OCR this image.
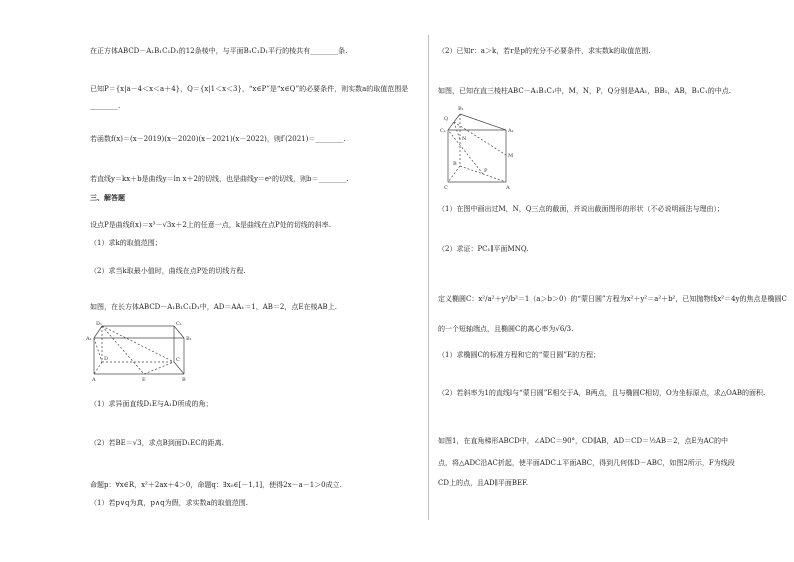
在正方体ABCD－A₁B₁C₁D₁的12条棱中，与平面B₁C₁D₁平行的棱共有________条.
已知P＝{x|a－4＜x＜a＋4}，Q＝{x|1＜x＜3}，“x∈P”是“x∈Q”的必要条件，则实数a的取值范围是
________.
若函数f(x)＝(x－2019)(x－2020)(x－2021)(x－2022)，则f′(2021)＝________.
若直线y＝kx＋b是曲线y＝ln x＋2的切线，也是曲线y＝eˣ的切线，则b＝________.
三、解答题
设点P是曲线f(x)＝x³－√3x＋2上的任意一点，k是曲线在点P处的切线的斜率.
（1）求k的取值范围；
（2）求当k取最小值时，曲线在点P处的切线方程.
如图，在长方体ABCD－A₁B₁C₁D₁中，AD＝AA₁＝1，AB＝2，点E在棱AB上.
D₁	C₁
A₁	B₁
D	C
A	E	B
（1）求异面直线D₁E与A₁D所成的角；
（2）若BE＝√3，求点B到面D₁EC的距离.
命题p：∀x∈R，x²＋2ax＋4＞0，命题q：∃x₀∈[－1,1]，使得2x－a－1＞0成立.
（1）若p∨q为真，p∧q为假，求实数a的取值范围.
（2）已知r：a＞k，若r是p的充分不必要条件，求实数k的取值范围.
如图，已知在直三棱柱ABC－A₁B₁C₁中，M，N，P，Q分别是AA₁，BB₁，AB，B₁C₁的中点.
B₁
Q
C₁	A₁
N
M
B
P
C	A
（1）在图中画出过M，N，Q三点的截面，并说出截面图形的形状（不必说明画法与理由）；
（2）求证：PC₁∥平面MNQ.
定义椭圆C：x²/a²＋y²/b²＝1（a＞b＞0）的“蒙日圆”方程为x²＋y²＝a²＋b²，已知抛物线x²＝4y的焦点是椭圆C
的一个短轴端点，且椭圆C的离心率为√6/3.
（1）求椭圆C的标准方程和它的“蒙日圆”E的方程；
（2）若斜率为1的直线l与“蒙日圆”E相交于A，B两点，且与椭圆C相切，O为坐标原点，求△OAB的面积.
如图1，在直角梯形ABCD中，∠ADC＝90°，CD∥AB，AD＝CD＝½AB＝2，点E为AC的中
点，将△ADC沿AC折起，使平面ADC⊥平面ABC，得到几何体D－ABC，如图2所示，F为线段
CD上的点，且AD∥平面BEF.
